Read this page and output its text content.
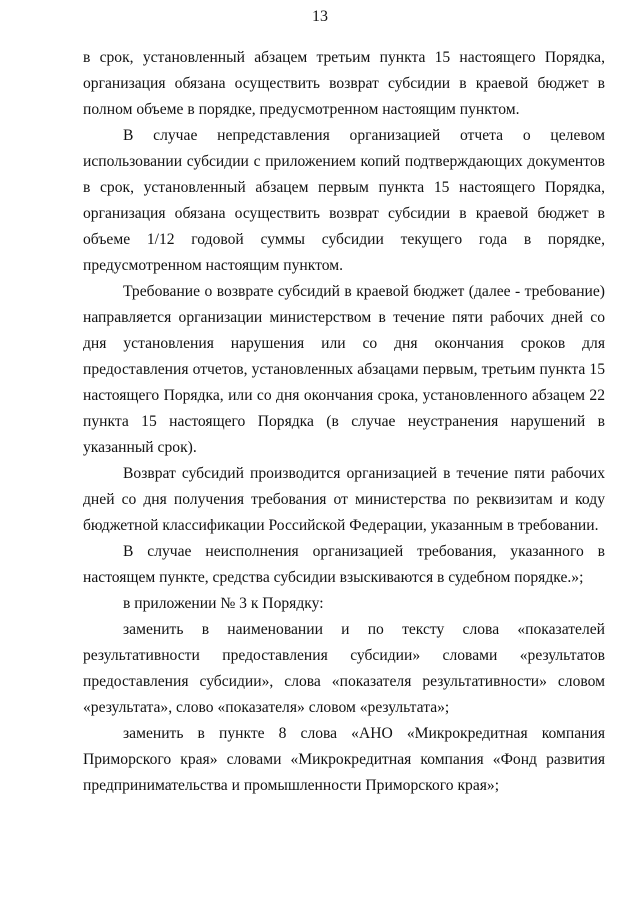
13

в срок, установленный абзацем третьим пункта 15 настоящего Порядка, организация обязана осуществить возврат субсидии в краевой бюджет в полном объеме в порядке, предусмотренном настоящим пунктом.

В случае непредставления организацией отчета о целевом использовании субсидии с приложением копий подтверждающих документов в срок, установленный абзацем первым пункта 15 настоящего Порядка, организация обязана осуществить возврат субсидии в краевой бюджет в объеме 1/12 годовой суммы субсидии текущего года в порядке, предусмотренном настоящим пунктом.

Требование о возврате субсидий в краевой бюджет (далее - требование) направляется организации министерством в течение пяти рабочих дней со дня установления нарушения или со дня окончания сроков для предоставления отчетов, установленных абзацами первым, третьим пункта 15 настоящего Порядка, или со дня окончания срока, установленного абзацем 22 пункта 15 настоящего Порядка (в случае неустранения нарушений в указанный срок).

Возврат субсидий производится организацией в течение пяти рабочих дней со дня получения требования от министерства по реквизитам и коду бюджетной классификации Российской Федерации, указанным в требовании.

В случае неисполнения организацией требования, указанного в настоящем пункте, средства субсидии взыскиваются в судебном порядке.»;

в приложении № 3 к Порядку:

заменить в наименовании и по тексту слова «показателей результативности предоставления субсидии» словами «результатов предоставления субсидии», слова «показателя результативности» словом «результата», слово «показателя» словом «результата»;

заменить в пункте 8 слова «АНО «Микрокредитная компания Приморского края» словами «Микрокредитная компания «Фонд развития предпринимательства и промышленности Приморского края»;
